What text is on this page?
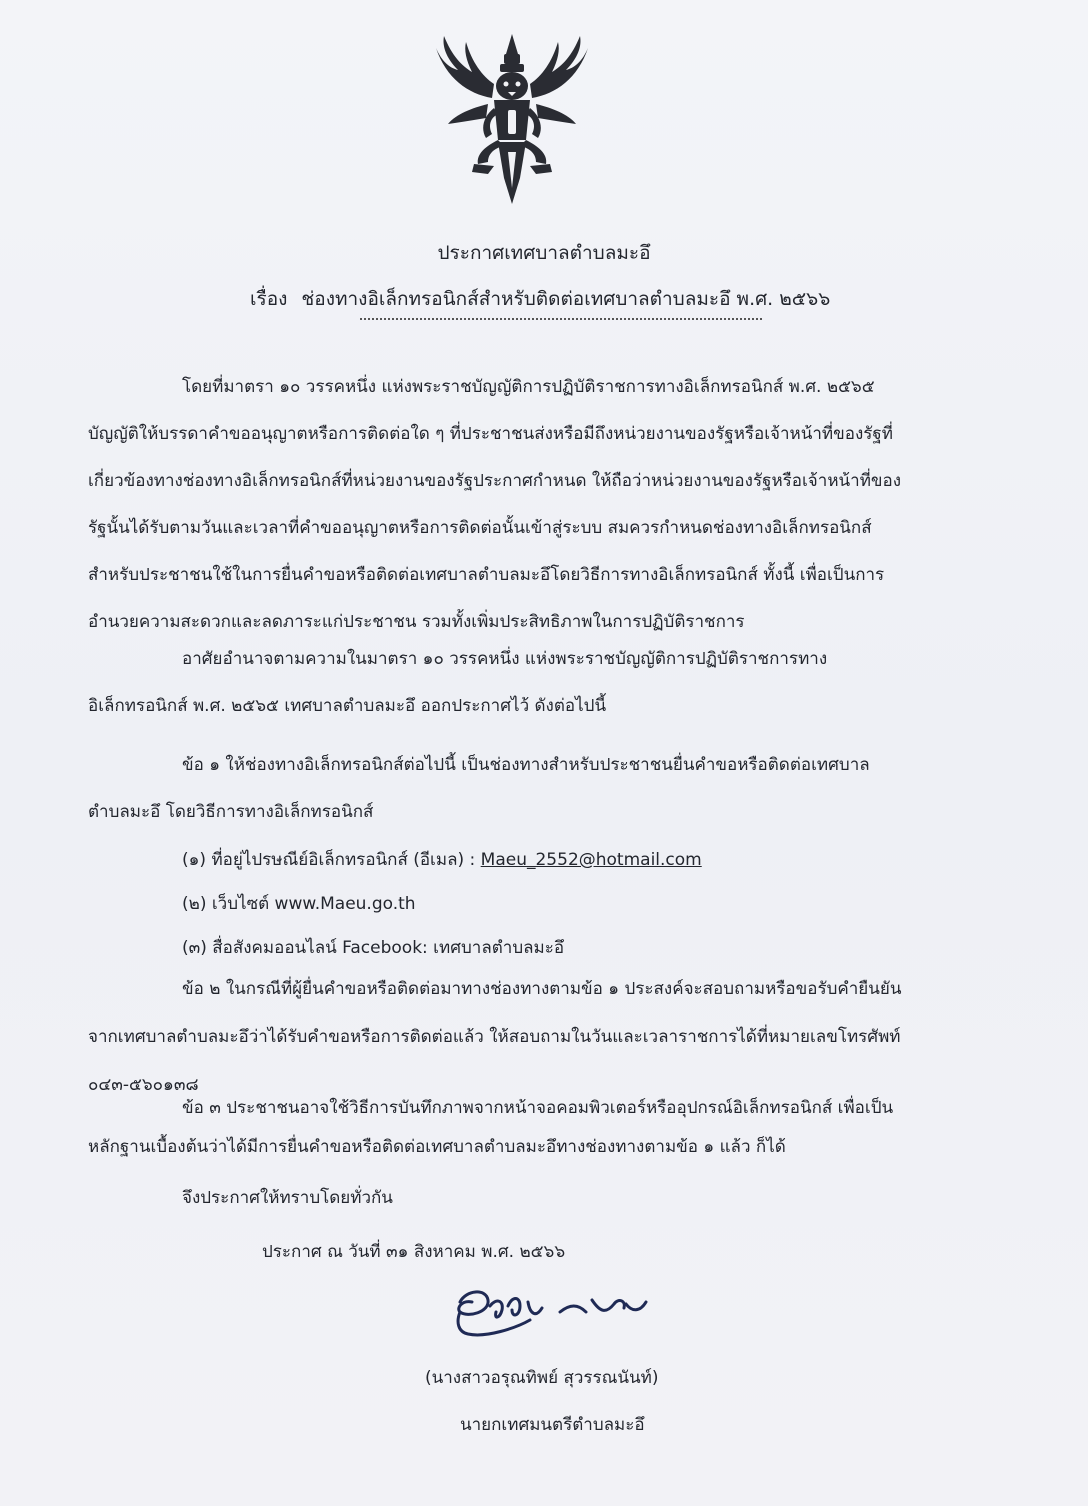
ประกาศเทศบาลตำบลมะอึ
เรื่อง ช่องทางอิเล็กทรอนิกส์สำหรับติดต่อเทศบาลตำบลมะอึ พ.ศ. ๒๕๖๖
โดยที่มาตรา ๑๐ วรรคหนึ่ง แห่งพระราชบัญญัติการปฏิบัติราชการทางอิเล็กทรอนิกส์ พ.ศ. ๒๕๖๕
บัญญัติให้บรรดาคำขออนุญาตหรือการติดต่อใด ๆ ที่ประชาชนส่งหรือมีถึงหน่วยงานของรัฐหรือเจ้าหน้าที่ของรัฐที่
เกี่ยวข้องทางช่องทางอิเล็กทรอนิกส์ที่หน่วยงานของรัฐประกาศกำหนด ให้ถือว่าหน่วยงานของรัฐหรือเจ้าหน้าที่ของ
รัฐนั้นได้รับตามวันและเวลาที่คำขออนุญาตหรือการติดต่อนั้นเข้าสู่ระบบ สมควรกำหนดช่องทางอิเล็กทรอนิกส์
สำหรับประชาชนใช้ในการยื่นคำขอหรือติดต่อเทศบาลตำบลมะอึโดยวิธีการทางอิเล็กทรอนิกส์ ทั้งนี้ เพื่อเป็นการ
อำนวยความสะดวกและลดภาระแก่ประชาชน รวมทั้งเพิ่มประสิทธิภาพในการปฏิบัติราชการ
อาศัยอำนาจตามความในมาตรา ๑๐ วรรคหนึ่ง แห่งพระราชบัญญัติการปฏิบัติราชการทาง
อิเล็กทรอนิกส์ พ.ศ. ๒๕๖๕ เทศบาลตำบลมะอึ ออกประกาศไว้ ดังต่อไปนี้
ข้อ ๑ ให้ช่องทางอิเล็กทรอนิกส์ต่อไปนี้ เป็นช่องทางสำหรับประชาชนยื่นคำขอหรือติดต่อเทศบาล
ตำบลมะอึ โดยวิธีการทางอิเล็กทรอนิกส์
(๑) ที่อยู่ไปรษณีย์อิเล็กทรอนิกส์ (อีเมล) : Maeu_2552@hotmail.com
(๒) เว็บไซต์ www.Maeu.go.th
(๓) สื่อสังคมออนไลน์ Facebook: เทศบาลตำบลมะอึ
ข้อ ๒ ในกรณีที่ผู้ยื่นคำขอหรือติดต่อมาทางช่องทางตามข้อ ๑ ประสงค์จะสอบถามหรือขอรับคำยืนยัน
จากเทศบาลตำบลมะอึว่าได้รับคำขอหรือการติดต่อแล้ว ให้สอบถามในวันและเวลาราชการได้ที่หมายเลขโทรศัพท์
๐๔๓-๕๖๐๑๓๘
ข้อ ๓ ประชาชนอาจใช้วิธีการบันทึกภาพจากหน้าจอคอมพิวเตอร์หรืออุปกรณ์อิเล็กทรอนิกส์ เพื่อเป็น
หลักฐานเบื้องต้นว่าได้มีการยื่นคำขอหรือติดต่อเทศบาลตำบลมะอึทางช่องทางตามข้อ ๑ แล้ว ก็ได้
จึงประกาศให้ทราบโดยทั่วกัน
ประกาศ ณ วันที่ ๓๑ สิงหาคม พ.ศ. ๒๕๖๖
(นางสาวอรุณทิพย์ สุวรรณนันท์)
นายกเทศมนตรีตำบลมะอึ
